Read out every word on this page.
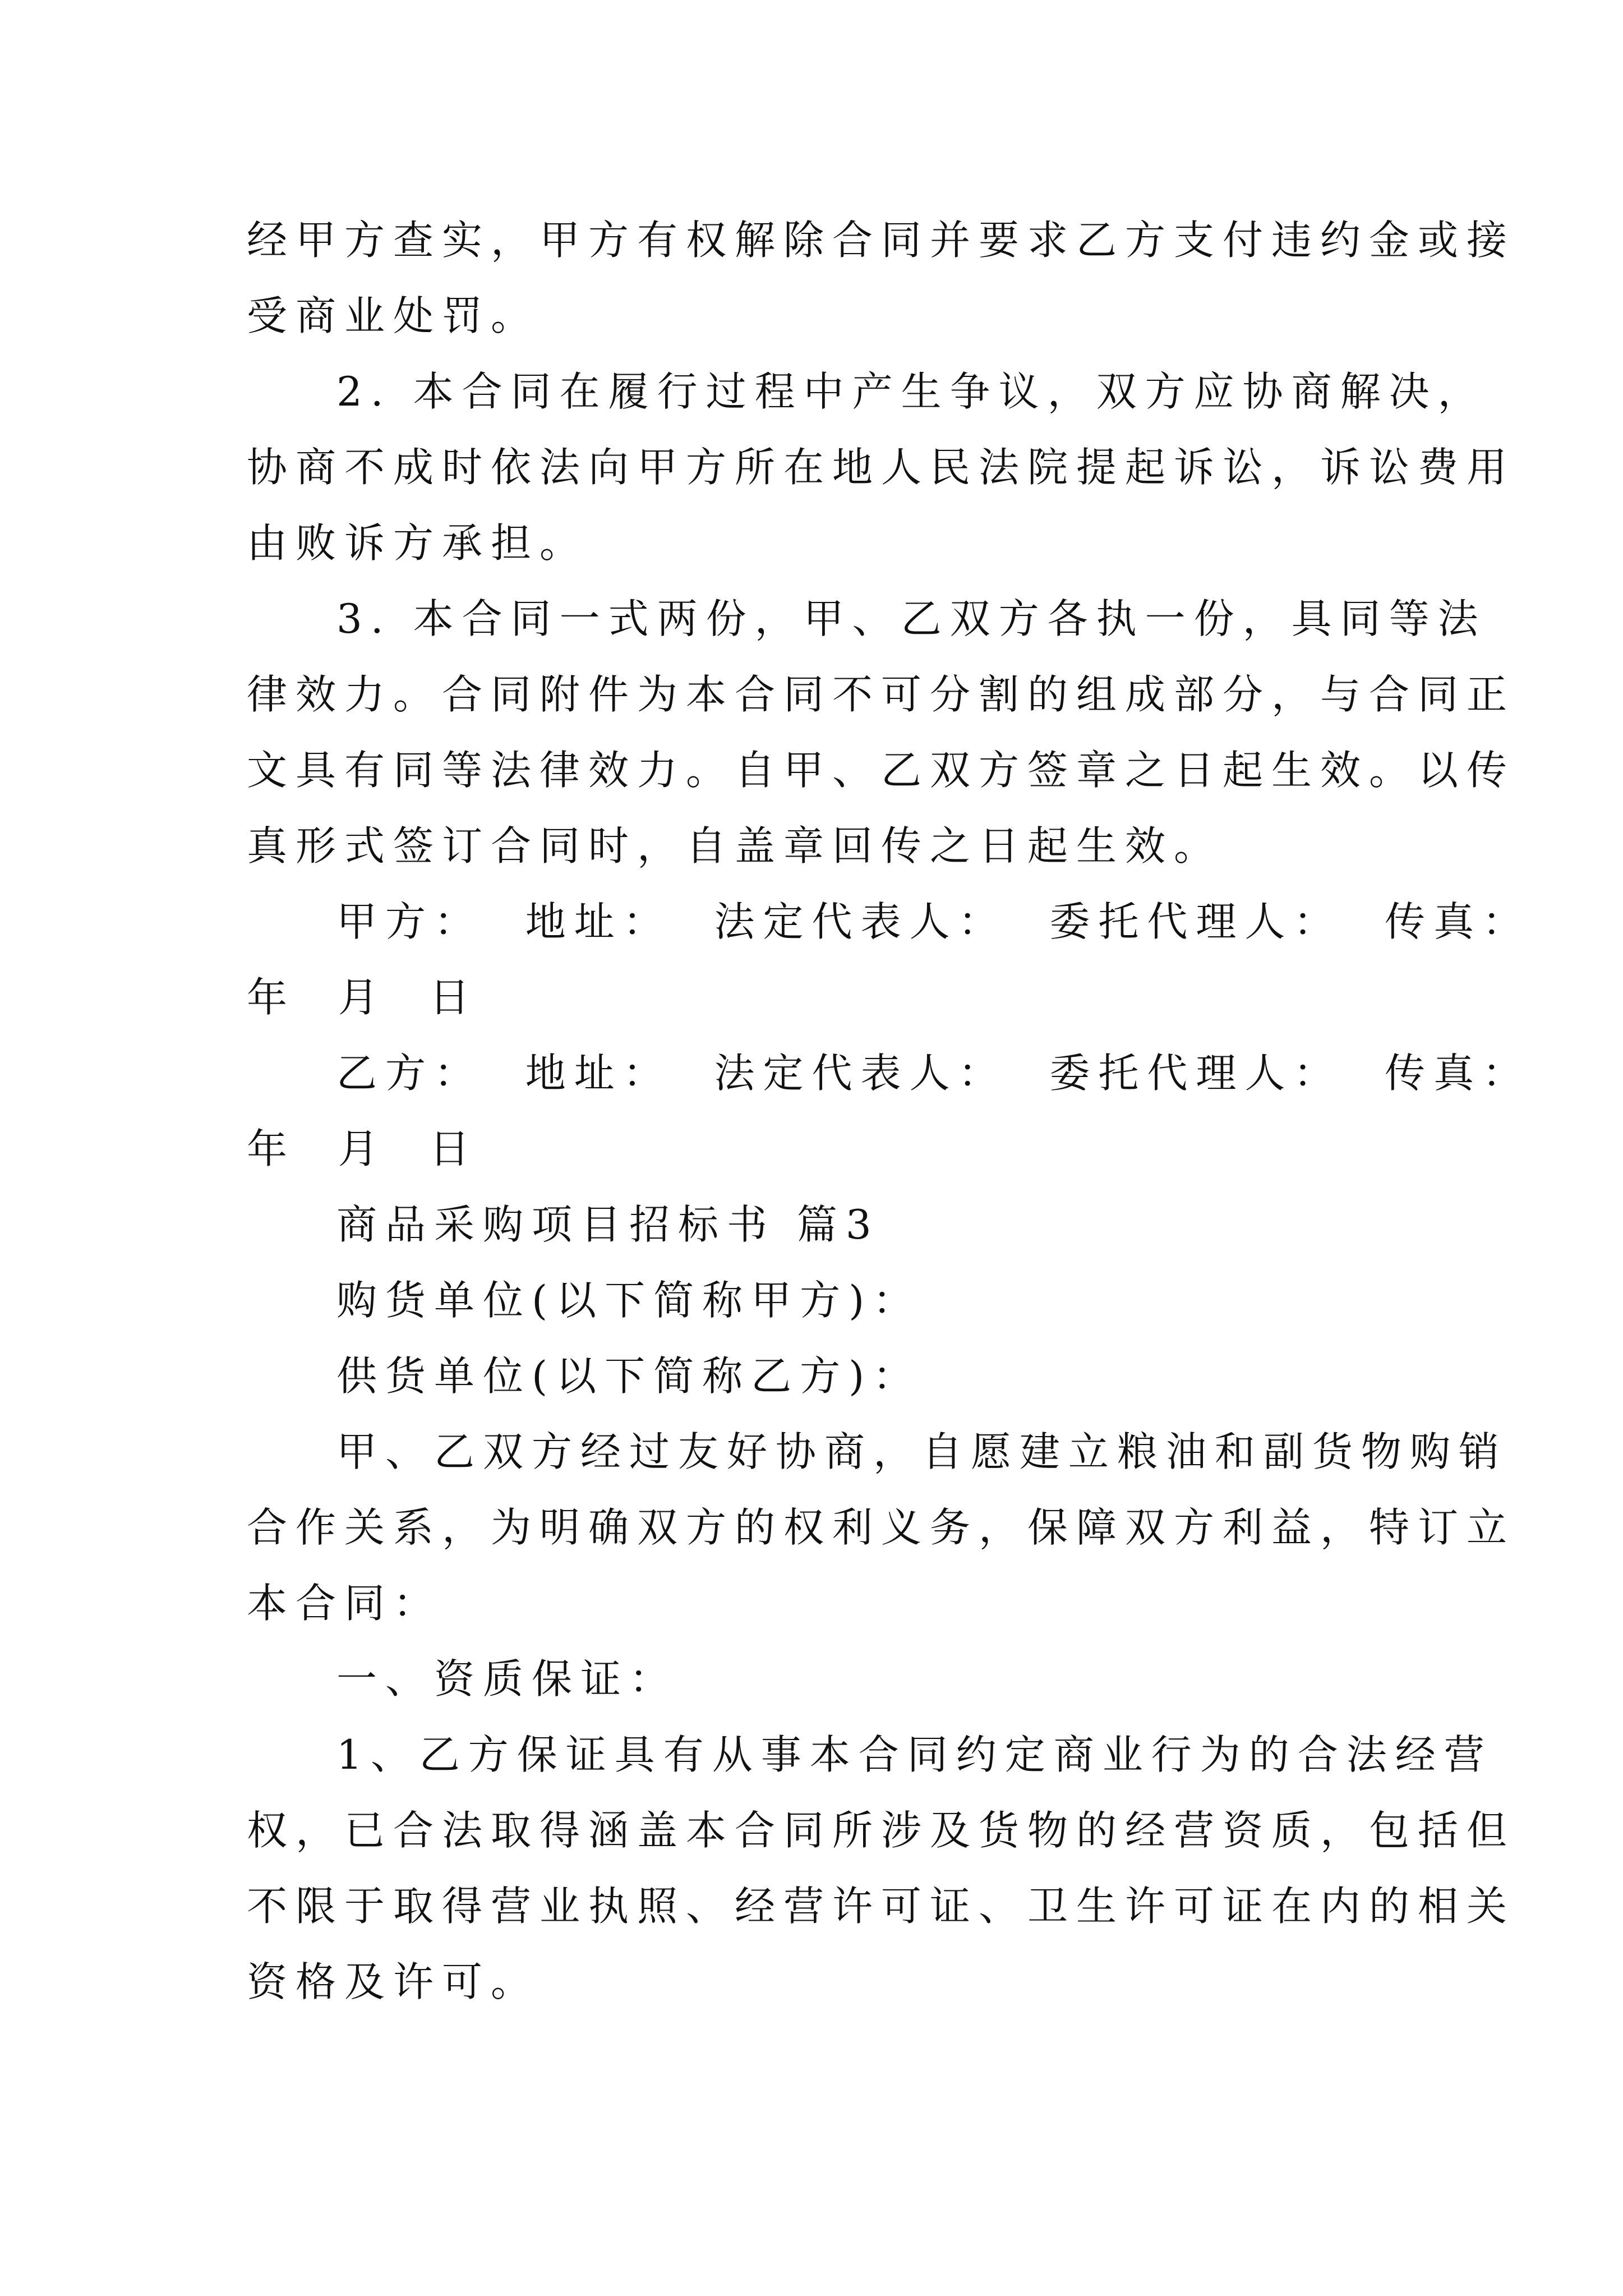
经甲方查实，甲方有权解除合同并要求乙方支付违约金或接
受商业处罚。
2. 本合同在履行过程中产生争议，双方应协商解决，
协商不成时依法向甲方所在地人民法院提起诉讼，诉讼费用
由败诉方承担。
3. 本合同一式两份，甲、乙双方各执一份，具同等法
律效力。合同附件为本合同不可分割的组成部分，与合同正
文具有同等法律效力。自甲、乙双方签章之日起生效。以传
真形式签订合同时，自盖章回传之日起生效。
甲方：  地址：  法定代表人：  委托代理人：  传真：
年  月  日
乙方：  地址：  法定代表人：  委托代理人：  传真：
年  月  日
商品采购项目招标书 篇3
购货单位(以下简称甲方)：
供货单位(以下简称乙方)：
甲、乙双方经过友好协商，自愿建立粮油和副货物购销
合作关系，为明确双方的权利义务，保障双方利益，特订立
本合同：
一、资质保证：
1、乙方保证具有从事本合同约定商业行为的合法经营
权，已合法取得涵盖本合同所涉及货物的经营资质，包括但
不限于取得营业执照、经营许可证、卫生许可证在内的相关
资格及许可。
